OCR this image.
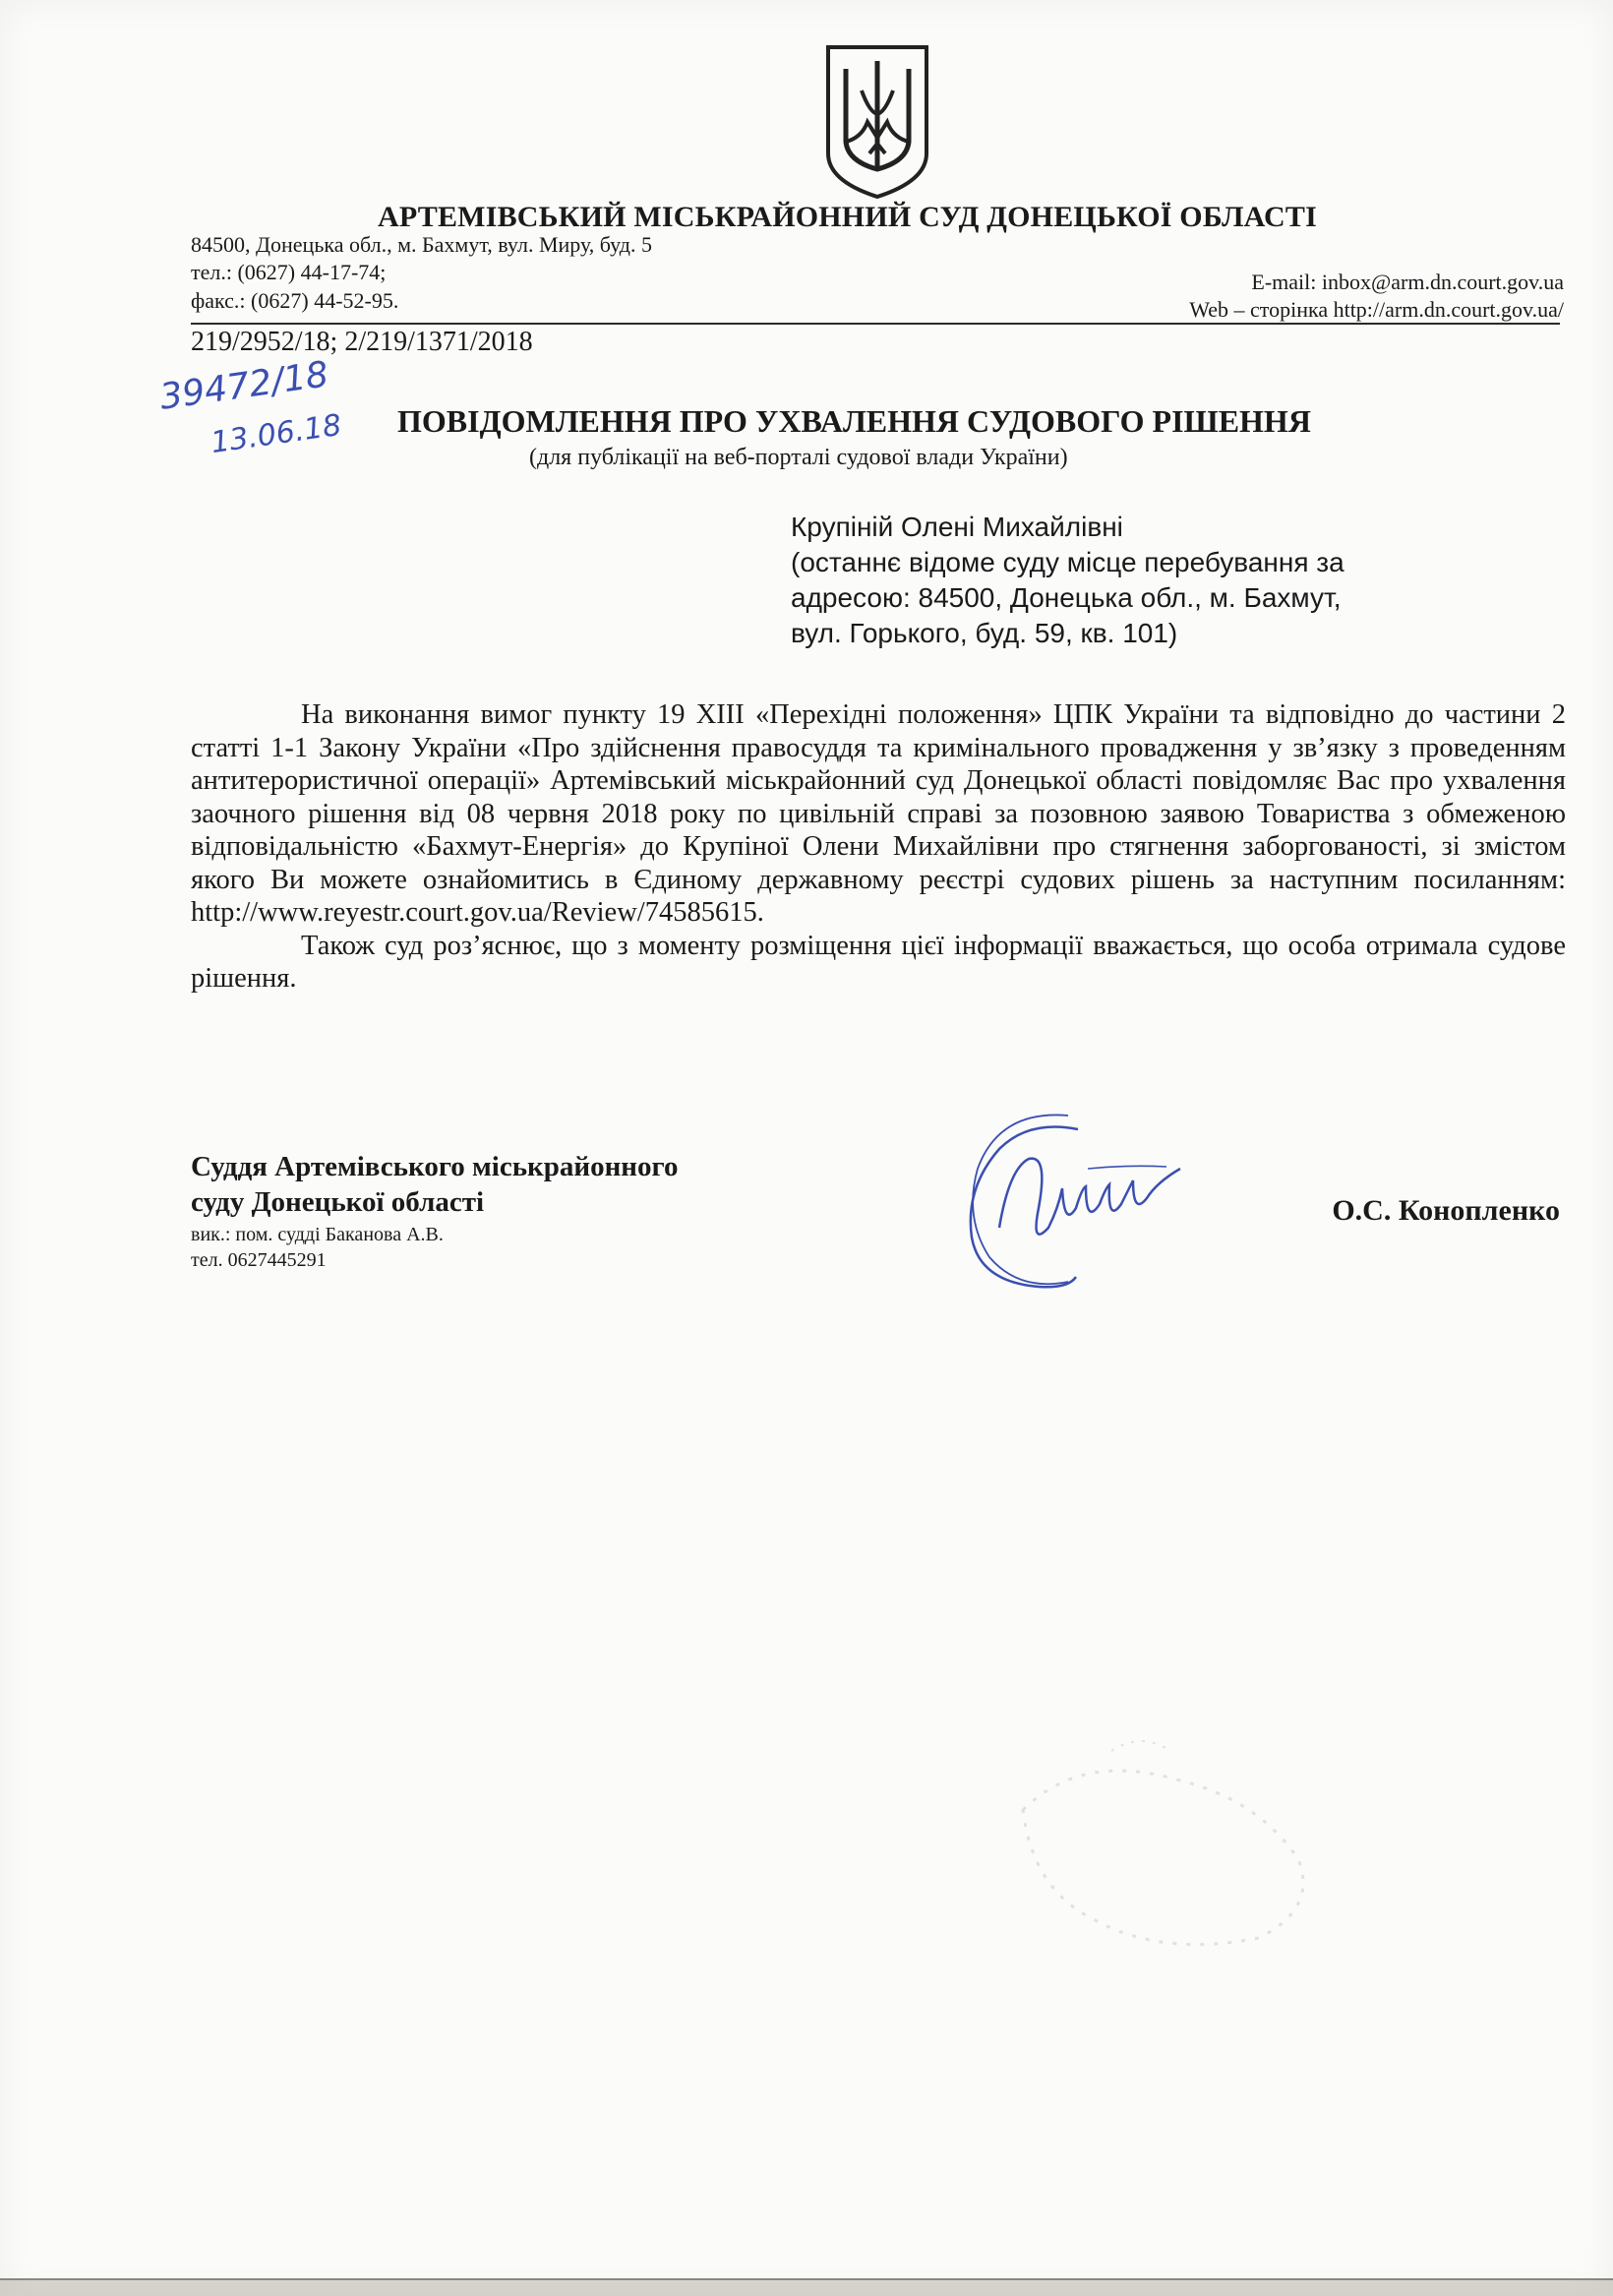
АРТЕМІВСЬКИЙ МІСЬКРАЙОННИЙ СУД ДОНЕЦЬКОЇ ОБЛАСТІ
84500, Донецька обл., м. Бахмут, вул. Миру, буд. 5
тел.: (0627) 44-17-74;
факс.: (0627) 44-52-95.
E-mail: inbox@arm.dn.court.gov.ua
Web – сторінка http://arm.dn.court.gov.ua/
219/2952/18; 2/219/1371/2018
39472/18
13.06.18 ПОВІДОМЛЕННЯ ПРО УХВАЛЕННЯ СУДОВОГО РІШЕННЯ
(для публікації на веб-порталі судової влади України)
Крупіній Олені Михайлівні
(останнє відоме суду місце перебування за
адресою: 84500, Донецька обл., м. Бахмут,
вул. Горького, буд. 59, кв. 101)

На виконання вимог пункту 19 ХІІІ «Перехідні положення» ЦПК України та відповідно до частини 2 статті 1-1 Закону України «Про здійснення правосуддя та кримінального провадження у зв’язку з проведенням антитерористичної операції» Артемівський міськрайонний суд Донецької області повідомляє Вас про ухвалення заочного рішення від 08 червня 2018 року по цивільній справі за позовною заявою Товариства з обмеженою відповідальністю «Бахмут-Енергія» до Крупіної Олени Михайлівни про стягнення заборгованості, зі змістом якого Ви можете ознайомитись в Єдиному державному реєстрі судових рішень за наступним посиланням: http://www.reyestr.court.gov.ua/Review/74585615.

Також суд роз’яснює, що з моменту розміщення цієї інформації вважається, що особа отримала судове рішення.

Суддя Артемівського міськрайонного
суду Донецької області
вик.: пом. судді Баканова А.В.
тел. 0627445291
О.С. Конопленко
